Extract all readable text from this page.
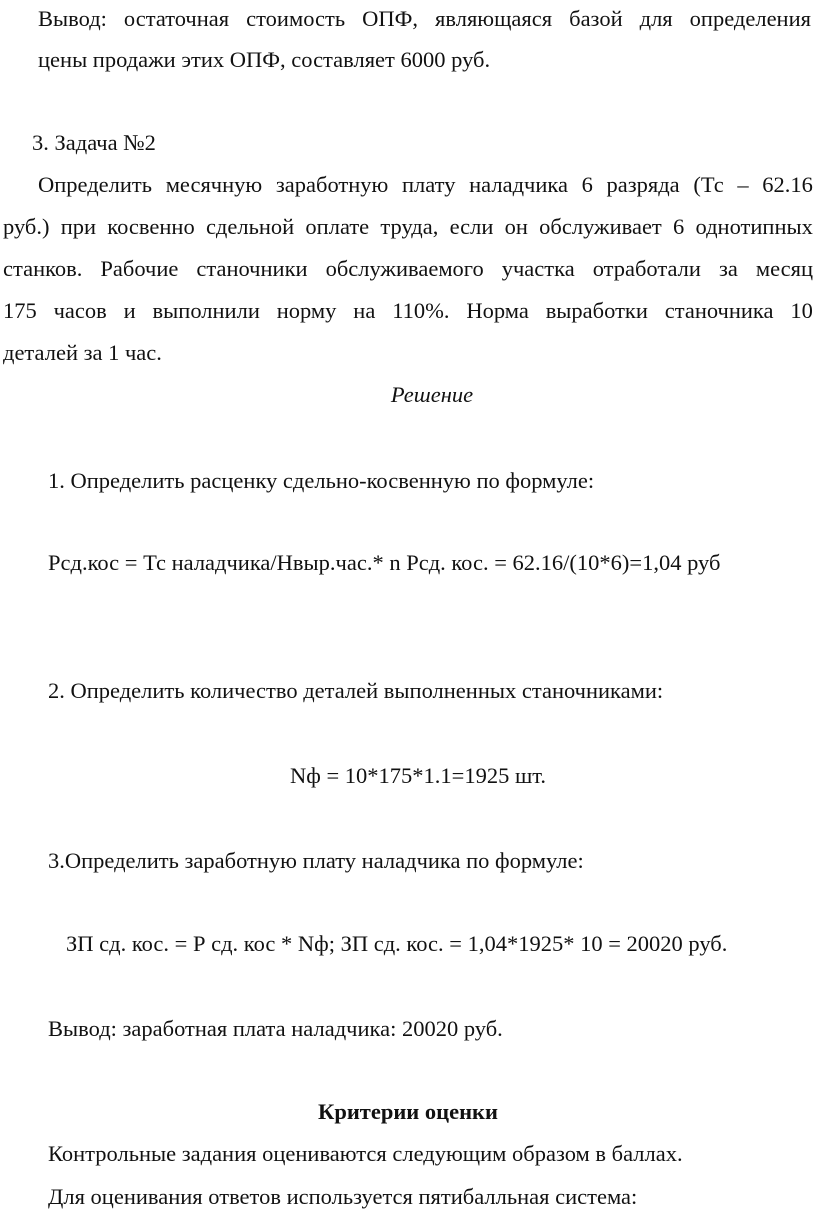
Вывод: остаточная стоимость ОПФ, являющаяся базой для определения
цены продажи этих ОПФ, составляет 6000 руб.
3. Задача №2
Определить месячную заработную плату наладчика 6 разряда (Тс – 62.16
руб.) при косвенно сдельной оплате труда, если он обслуживает 6 однотипных
станков. Рабочие станочники обслуживаемого участка отработали за месяц
175 часов и выполнили норму на 110%. Норма выработки станочника 10
деталей за 1 час.
Решение
1. Определить расценку сдельно-косвенную по формуле:
Рсд.кос = Тс наладчика/Нвыр.час.* n Рсд. кос. = 62.16/(10*6)=1,04 руб
2. Определить количество деталей выполненных станочниками:
Nф = 10*175*1.1=1925 шт.
3.Определить заработную плату наладчика по формуле:
ЗП сд. кос. = Р сд. кос * Nф; ЗП сд. кос. = 1,04*1925* 10 = 20020 руб.
Вывод: заработная плата наладчика: 20020 руб.
Критерии оценки
Контрольные задания оцениваются следующим образом в баллах.
Для оценивания ответов используется пятибалльная система:
